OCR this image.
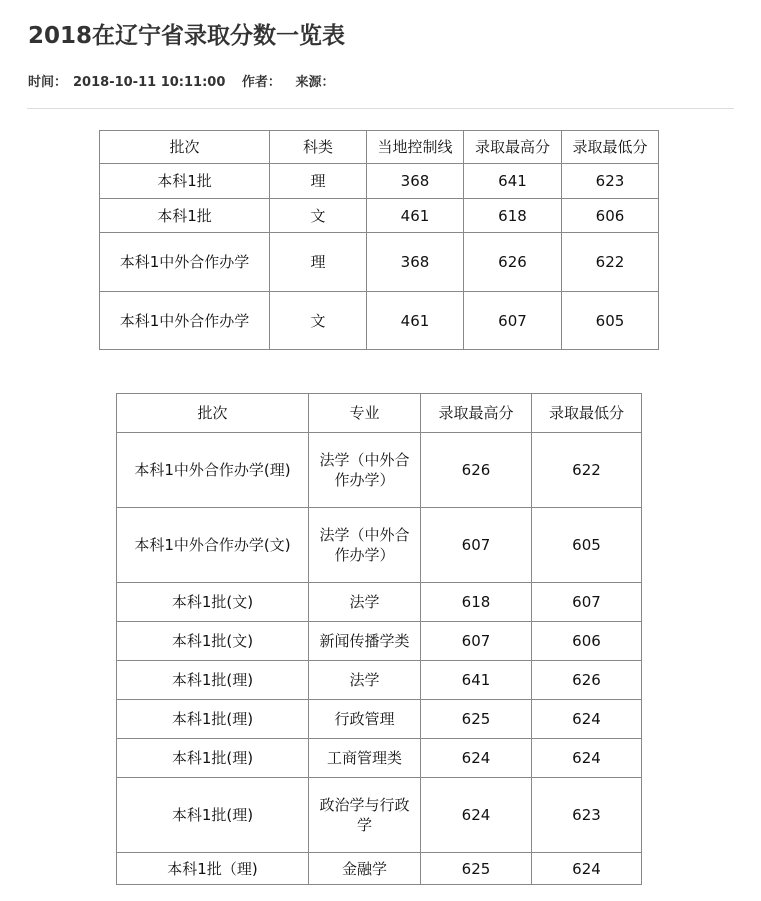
2018在辽宁省录取分数一览表
时间： 2018-10-11 10:11:00 作者： 来源：
批次	科类	当地控制线	录取最高分	录取最低分
本科1批	理	368	641	623
本科1批	文	461	618	606
本科1中外合作办学	理	368	626	622
本科1中外合作办学	文	461	607	605
批次	专业	录取最高分	录取最低分
本科1中外合作办学(理)	法学（中外合作办学）	626	622
本科1中外合作办学(文)	法学（中外合作办学）	607	605
本科1批(文)	法学	618	607
本科1批(文)	新闻传播学类	607	606
本科1批(理)	法学	641	626
本科1批(理)	行政管理	625	624
本科1批(理)	工商管理类	624	624
本科1批(理)	政治学与行政学	624	623
本科1批（理)	金融学	625	624
